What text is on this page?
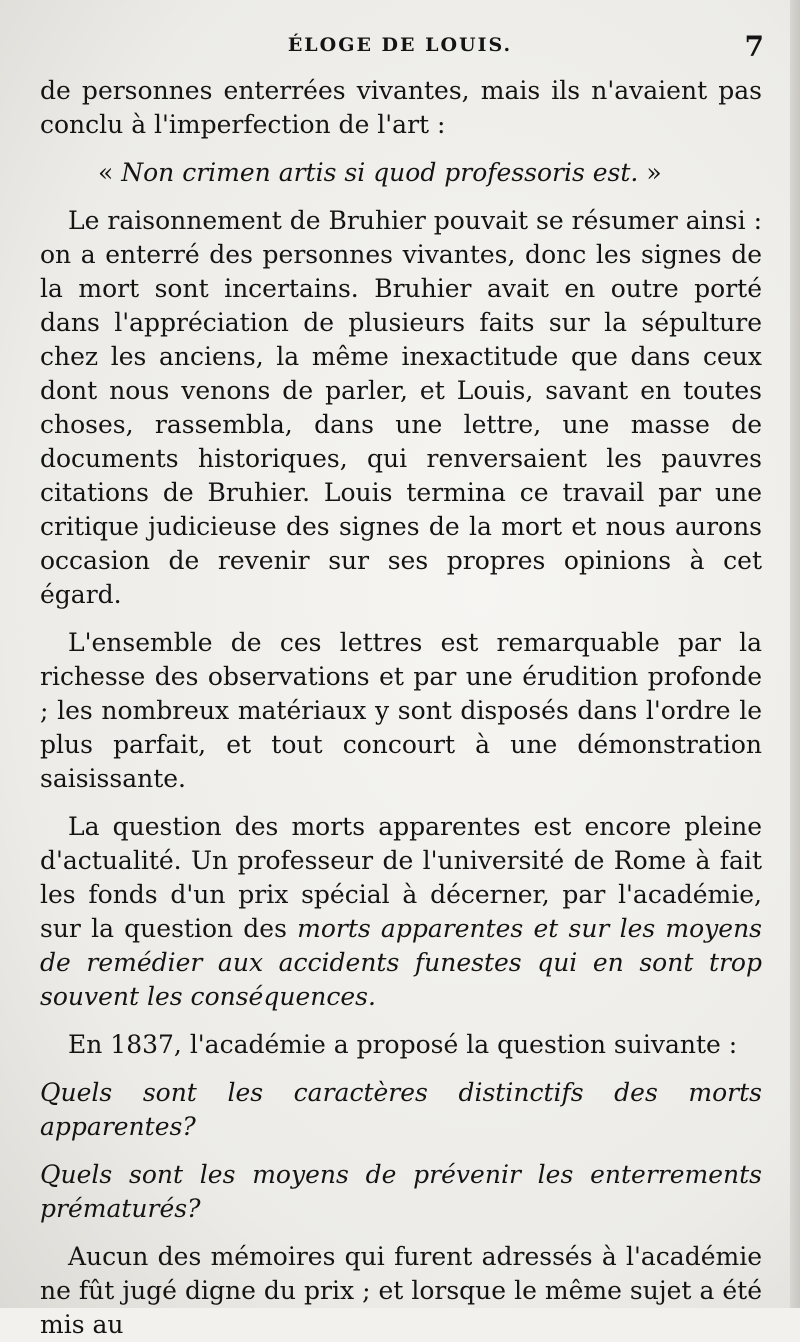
ÉLOGE DE LOUIS.	7

de personnes enterrées vivantes, mais ils n'avaient pas conclu à l'imperfection de l'art :

« Non crimen artis si quod professoris est. »

Le raisonnement de Bruhier pouvait se résumer ainsi : on a enterré des personnes vivantes, donc les signes de la mort sont incertains. Bruhier avait en outre porté dans l'appréciation de plusieurs faits sur la sépulture chez les anciens, la même inexactitude que dans ceux dont nous venons de parler, et Louis, savant en toutes choses, rassembla, dans une lettre, une masse de documents historiques, qui renversaient les pauvres citations de Bruhier. Louis termina ce travail par une critique judicieuse des signes de la mort et nous aurons occasion de revenir sur ses propres opinions à cet égard.

L'ensemble de ces lettres est remarquable par la richesse des observations et par une érudition profonde ; les nombreux matériaux y sont disposés dans l'ordre le plus parfait, et tout concourt à une démonstration saisissante.

La question des morts apparentes est encore pleine d'actualité. Un professeur de l'université de Rome à fait les fonds d'un prix spécial à décerner, par l'académie, sur la question des morts apparentes et sur les moyens de remédier aux accidents funestes qui en sont trop souvent les conséquences.

En 1837, l'académie a proposé la question suivante :

Quels sont les caractères distinctifs des morts apparentes?

Quels sont les moyens de prévenir les enterrements prématurés?

Aucun des mémoires qui furent adressés à l'académie ne fût jugé digne du prix ; et lorsque le même sujet a été mis au
